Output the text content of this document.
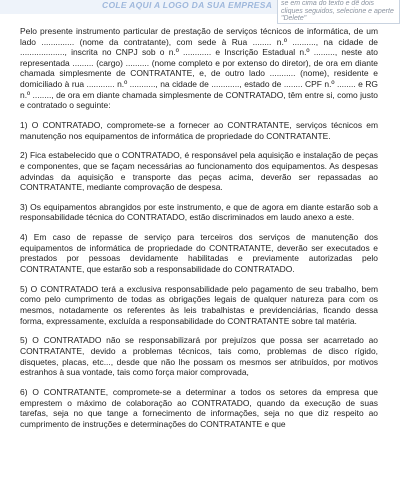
COLE AQUI A LOGO DA SUA EMPRESA	se em cima do texto e dê dois cliques seguidos, selecione e aperte "Delete"

Pelo presente instrumento particular de prestação de serviços técnicos de informática, de um lado .............. (nome da contratante), com sede à Rua ........ n.º .........., na cidade de ..................., inscrita no CNPJ sob o n.º ............ e Inscrição Estadual n.º ........., neste ato representada ......... (cargo) .......... (nome completo e por extenso do diretor), de ora em diante chamada simplesmente de CONTRATANTE, e, de outro lado ........... (nome), residente e domiciliado à rua ............ n.º ..........., na cidade de ............, estado de ........ CPF n.º ........ e RG n.º ........, de ora em diante chamada simplesmente de CONTRATADO, têm entre si, como justo e contratado o seguinte:

1) O CONTRATADO, compromete-se a fornecer ao CONTRATANTE, serviços técnicos em manutenção nos equipamentos de informática de propriedade do CONTRATANTE.

2) Fica estabelecido que o CONTRATADO, é responsável pela aquisição e instalação de peças e componentes, que se façam necessárias ao funcionamento dos equipamentos. As despesas advindas da aquisição e transporte das peças acima, deverão ser repassadas ao CONTRATANTE, mediante comprovação de despesa.

3) Os equipamentos abrangidos por este instrumento, e que de agora em diante estarão sob a responsabilidade técnica do CONTRATADO, estão discriminados em laudo anexo a este.

4) Em caso de repasse de serviço para terceiros dos serviços de manutenção dos equipamentos de informática de propriedade do CONTRATANTE, deverão ser executados e prestados por pessoas devidamente habilitadas e previamente autorizadas pelo CONTRATANTE, que estarão sob a responsabilidade do CONTRATADO.

5) O CONTRATADO terá a exclusiva responsabilidade pelo pagamento de seu trabalho, bem como pelo cumprimento de todas as obrigações legais de qualquer natureza para com os mesmos, notadamente os referentes às leis trabalhistas e previdenciárias, ficando dessa forma, expressamente, excluída a responsabilidade do CONTRATANTE sobre tal matéria.

5) O CONTRATADO não se responsabilizará por prejuízos que possa ser acarretado ao CONTRATANTE, devido a problemas técnicos, tais como, problemas de disco rígido, disquetes, placas, etc..., desde que não lhe possam os mesmos ser atribuídos, por motivos estranhos à sua vontade, tais como força maior comprovada,

6) O CONTRATANTE, compromete-se a determinar a todos os setores da empresa que emprestem o máximo de colaboração ao CONTRATADO, quando da execução de suas tarefas, seja no que tange a fornecimento de informações, seja no que diz respeito ao cumprimento de instruções e determinações do CONTRATANTE e que
